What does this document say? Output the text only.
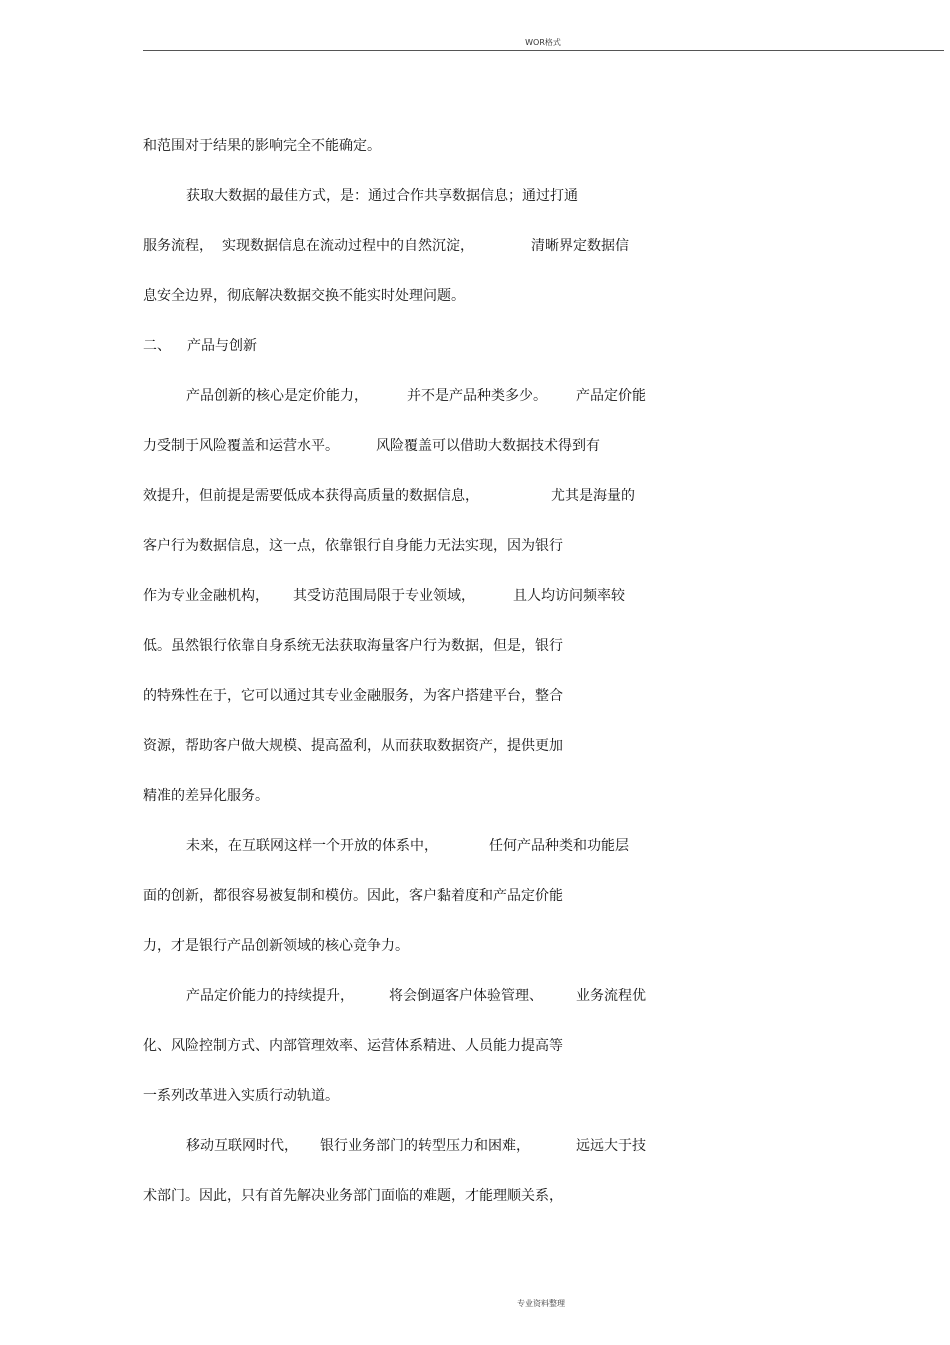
WOR格式
和范围对于结果的影响完全不能确定。
获取大数据的最佳方式，是：通过合作共享数据信息；通过打通
服务流程， 实现数据信息在流动过程中的自然沉淀，	清晰界定数据信
息安全边界，彻底解决数据交换不能实时处理问题。
二、 产品与创新
产品创新的核心是定价能力，	并不是产品种类多少。 产品定价能
力受制于风险覆盖和运营水平。	风险覆盖可以借助大数据技术得到有
效提升，但前提是需要低成本获得高质量的数据信息，	尤其是海量的
客户行为数据信息，这一点，依靠银行自身能力无法实现，因为银行
作为专业金融机构， 其受访范围局限于专业领域，	且人均访问频率较
低。虽然银行依靠自身系统无法获取海量客户行为数据，但是，银行
的特殊性在于，它可以通过其专业金融服务，为客户搭建平台，整合
资源，帮助客户做大规模、提高盈利，从而获取数据资产，提供更加
精准的差异化服务。
未来，在互联网这样一个开放的体系中，	任何产品种类和功能层
面的创新，都很容易被复制和模仿。因此，客户黏着度和产品定价能
力，才是银行产品创新领域的核心竞争力。
产品定价能力的持续提升，	将会倒逼客户体验管理、 业务流程优
化、风险控制方式、内部管理效率、运营体系精进、人员能力提高等
一系列改革进入实质行动轨道。
移动互联网时代， 银行业务部门的转型压力和困难，	远远大于技
术部门。因此，只有首先解决业务部门面临的难题，才能理顺关系，
专业资料整理
